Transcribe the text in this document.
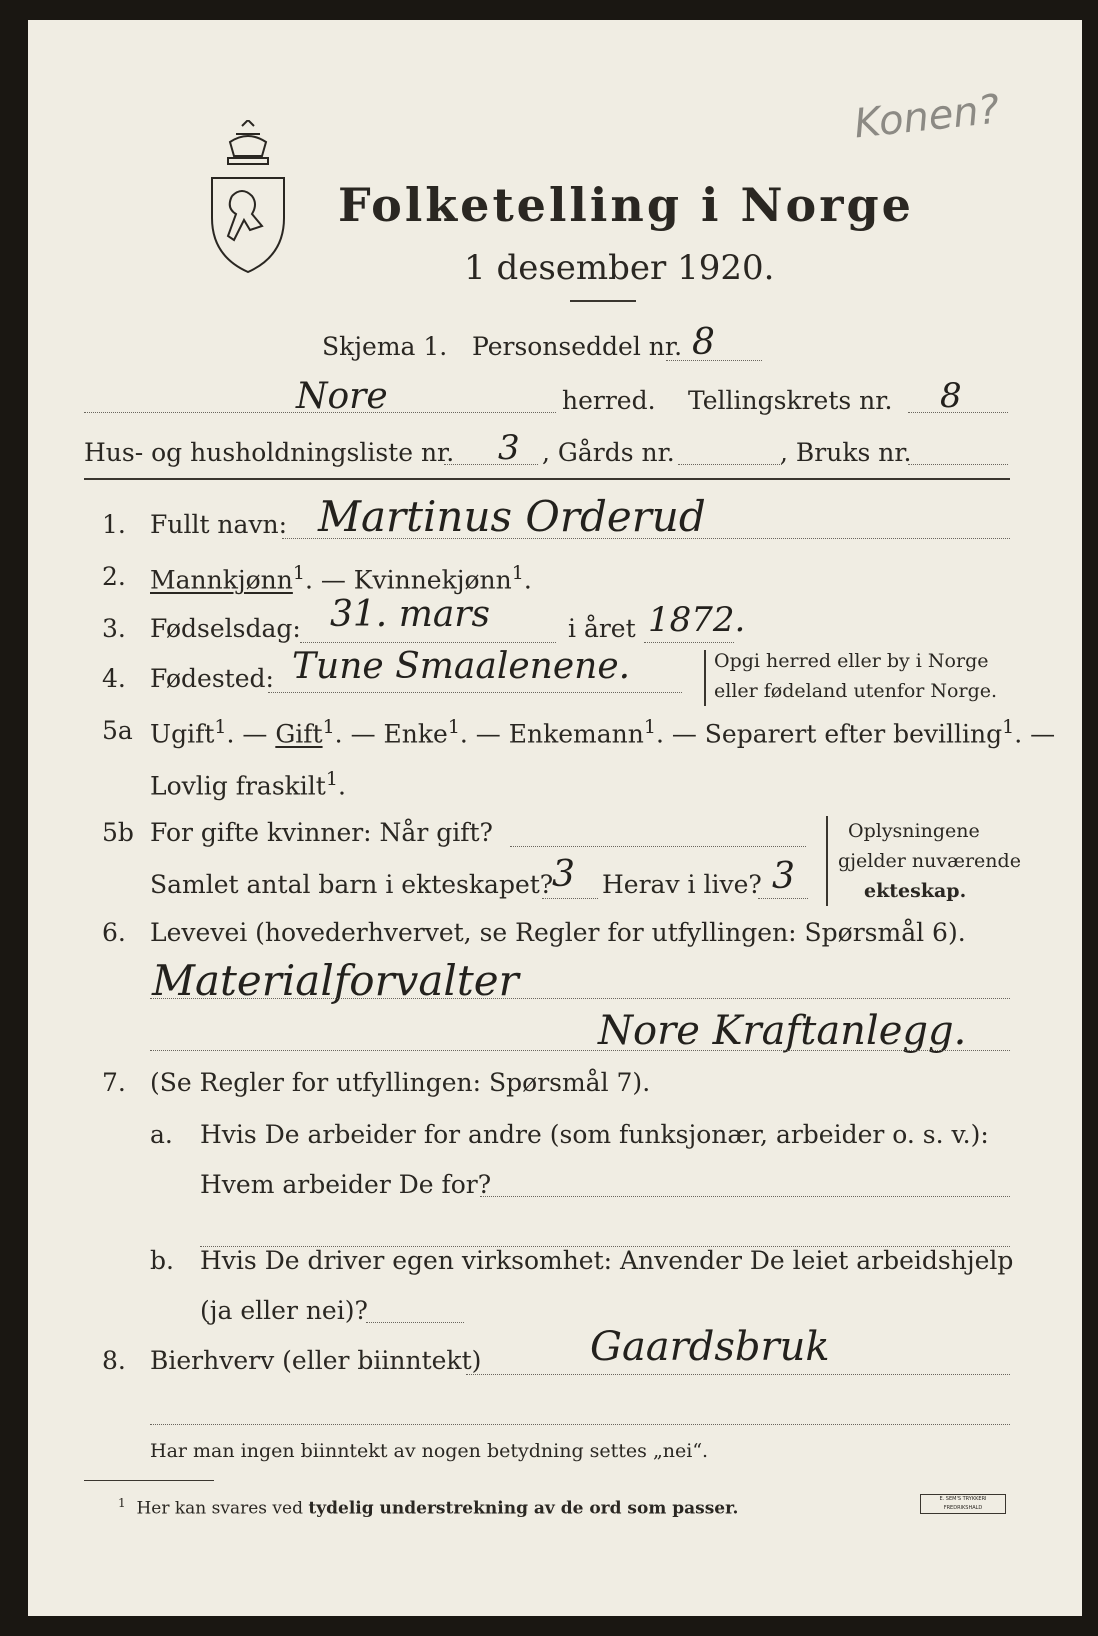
Folketelling i Norge
1 desember 1920.
Konen?
Skjema 1. Personseddel nr. 8
Nore	herred. Tellingskrets nr. 8
Hus- og husholdningsliste nr. 3 , Gårds nr.	, Bruks nr.
1. Fullt navn: Martinus Orderud
2. Mannkjønn$^1$. — Kvinnekjønn$^1$.
3. Fødselsdag: 31. mars	i året 1872.
4. Fødested: Tune Smaalenene.	Opgi herred eller by i Norge
eller fødeland utenfor Norge.
5a Ugift$^1$. — Gift$^1$. — Enke$^1$. — Enkemann$^1$. — Separert efter bevilling$^1$. —
Lovlig fraskilt$^1$.
5b For gifte kvinner: Når gift?
Samlet antal barn i ekteskapet?
3 Herav i live? 3
Oplysningene
gjelder nuværende
ekteskap.
6. Levevei (hovederhvervet, se Regler for utfyllingen: Spørsmål 6).
Materialforvalter
Nore Kraftanlegg.
7. (Se Regler for utfyllingen: Spørsmål 7).
a. Hvis De arbeider for andre (som funksjonær, arbeider o. s. v.):
Hvem arbeider De for?
b. Hvis De driver egen virksomhet: Anvender De leiet arbeidshjelp
(ja eller nei)?
8. Bierhverv (eller biinntekt)	Gaardsbruk
Har man ingen biinntekt av nogen betydning settes „nei“.
$^1$ Her kan svares ved tydelig understrekning av de ord som passer.	E. SEM'S TRYKKERI FREDRIKSHALD
